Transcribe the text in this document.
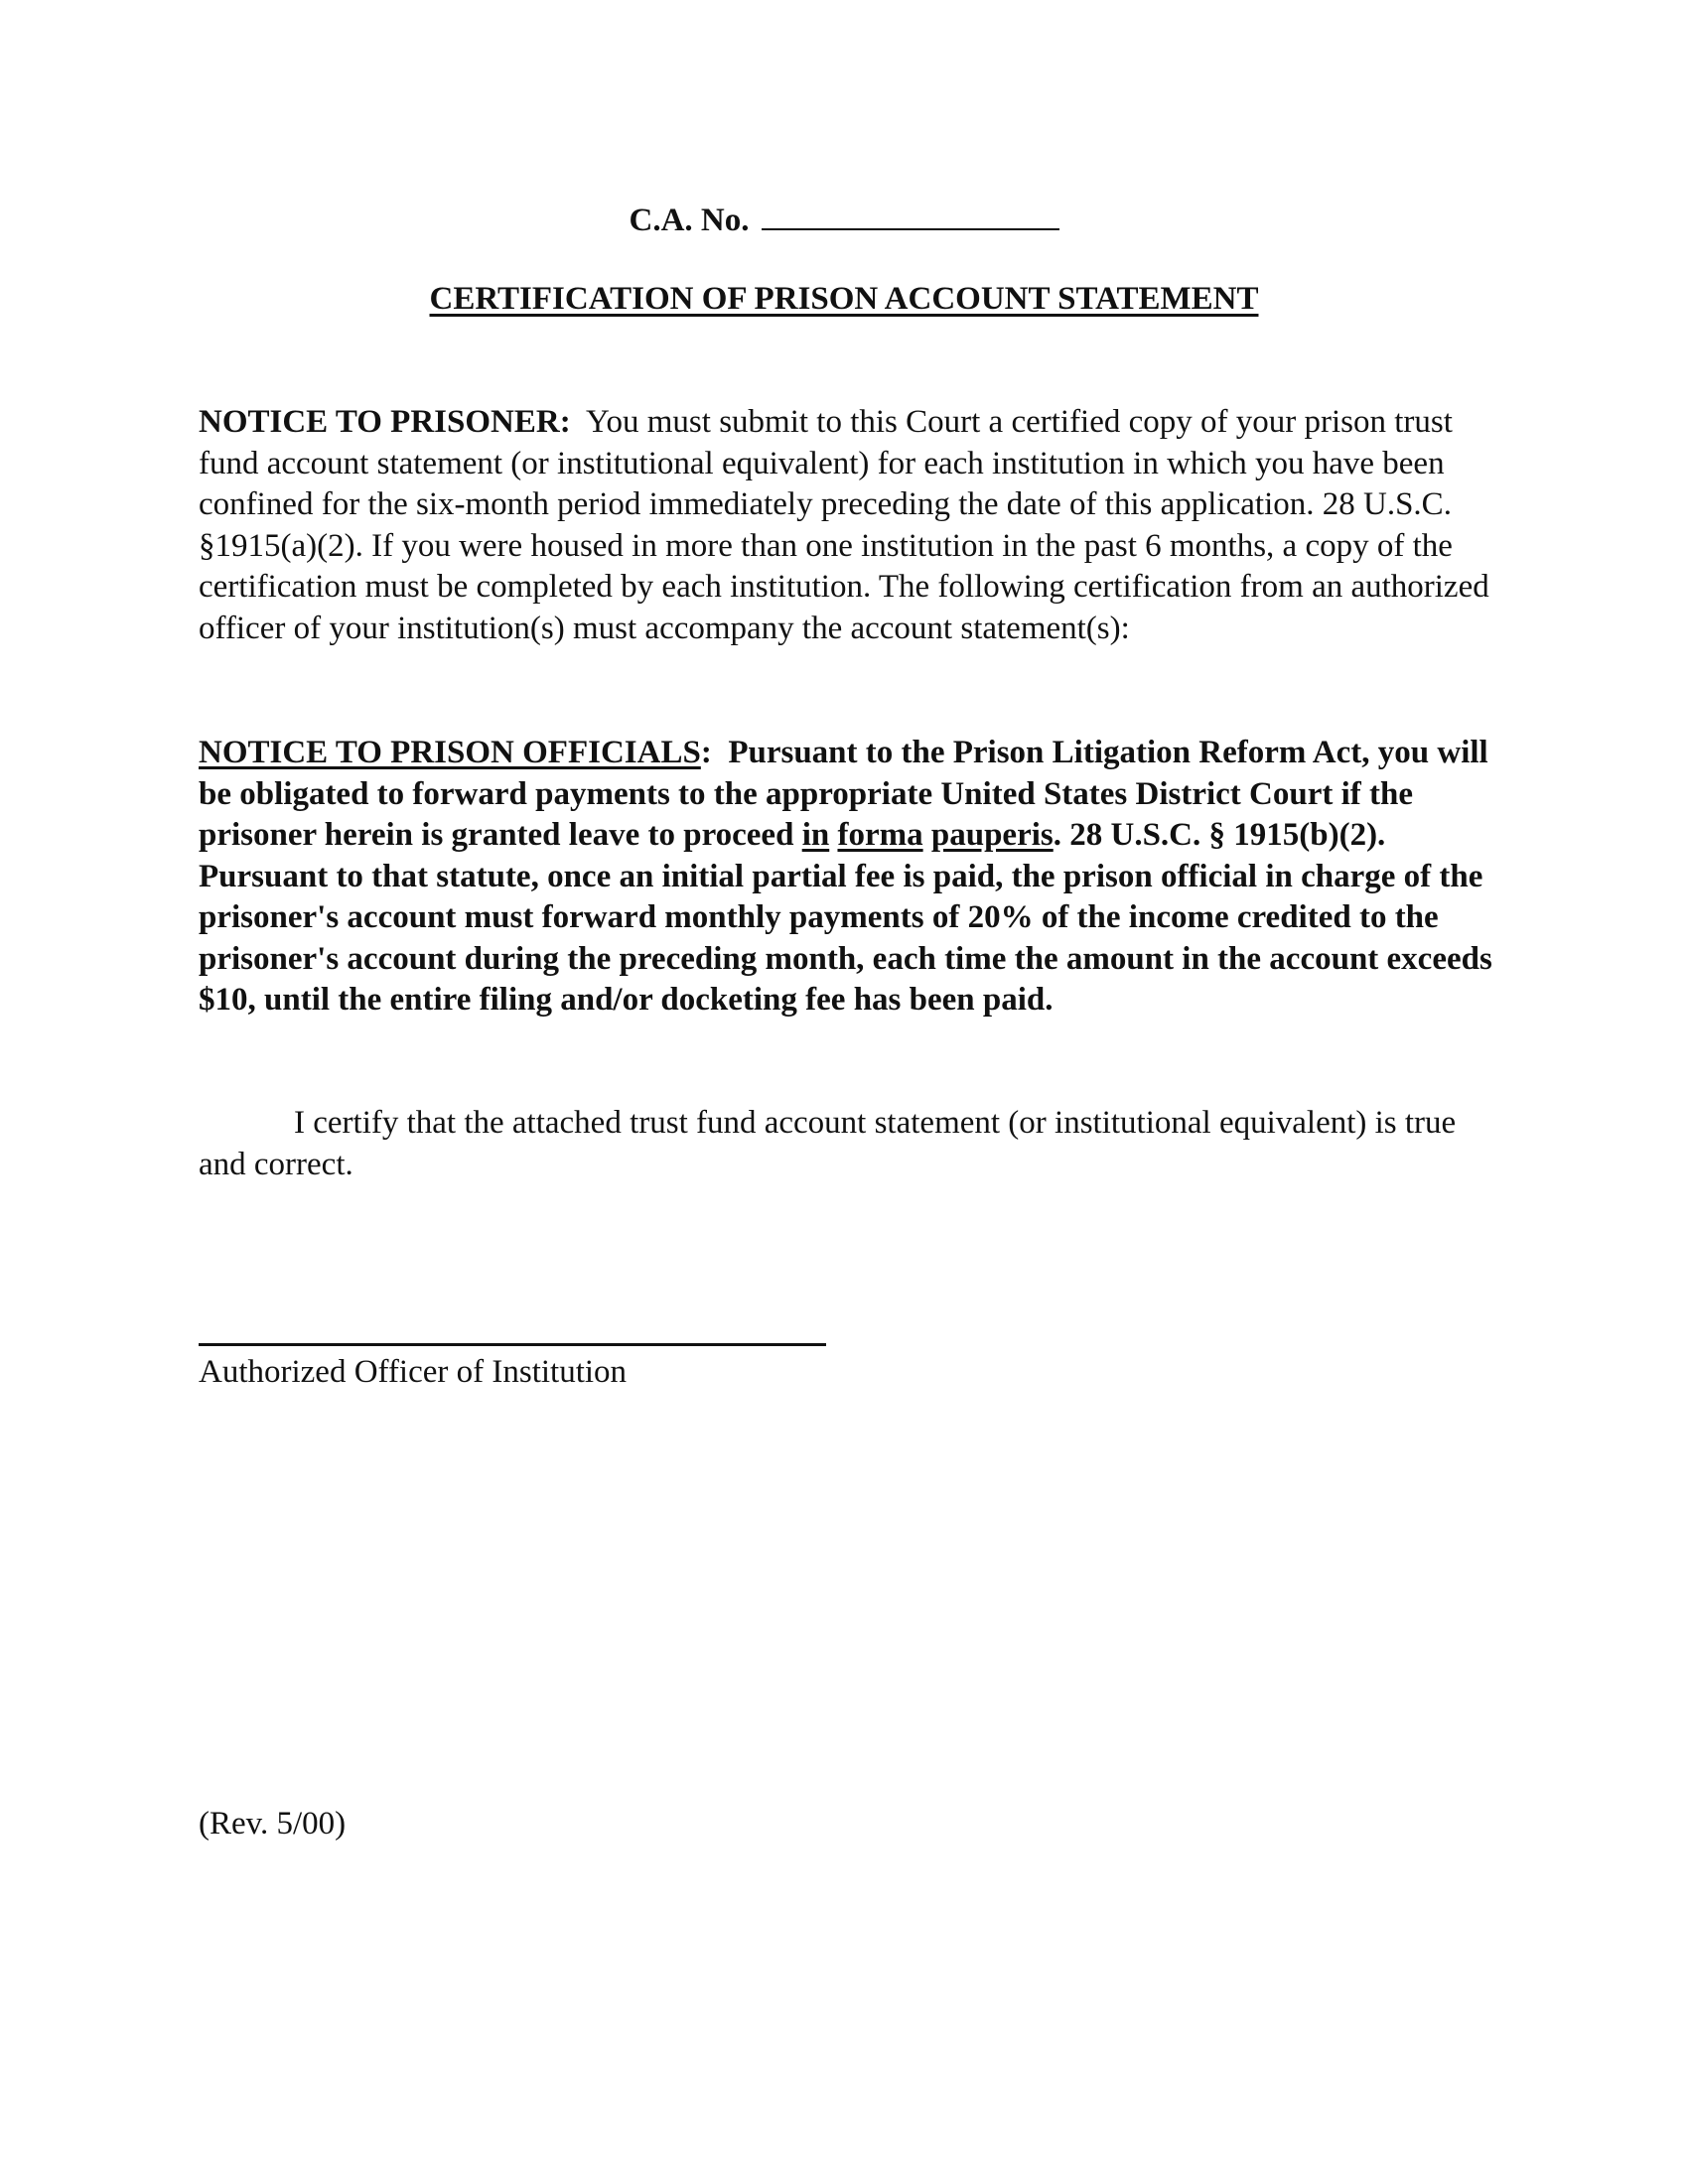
C.A. No.
CERTIFICATION OF PRISON ACCOUNT STATEMENT

NOTICE TO PRISONER: You must submit to this Court a certified copy of your prison trust fund account statement (or institutional equivalent) for each institution in which you have been confined for the six-month period immediately preceding the date of this application. 28 U.S.C. §1915(a)(2). If you were housed in more than one institution in the past 6 months, a copy of the certification must be completed by each institution. The following certification from an authorized officer of your institution(s) must accompany the account statement(s):

NOTICE TO PRISON OFFICIALS: Pursuant to the Prison Litigation Reform Act, you will be obligated to forward payments to the appropriate United States District Court if the prisoner herein is granted leave to proceed in forma pauperis. 28 U.S.C. § 1915(b)(2). Pursuant to that statute, once an initial partial fee is paid, the prison official in charge of the prisoner's account must forward monthly payments of 20% of the income credited to the prisoner's account during the preceding month, each time the amount in the account exceeds $10, until the entire filing and/or docketing fee has been paid.

I certify that the attached trust fund account statement (or institutional equivalent) is true and correct.

Authorized Officer of Institution
(Rev. 5/00)
